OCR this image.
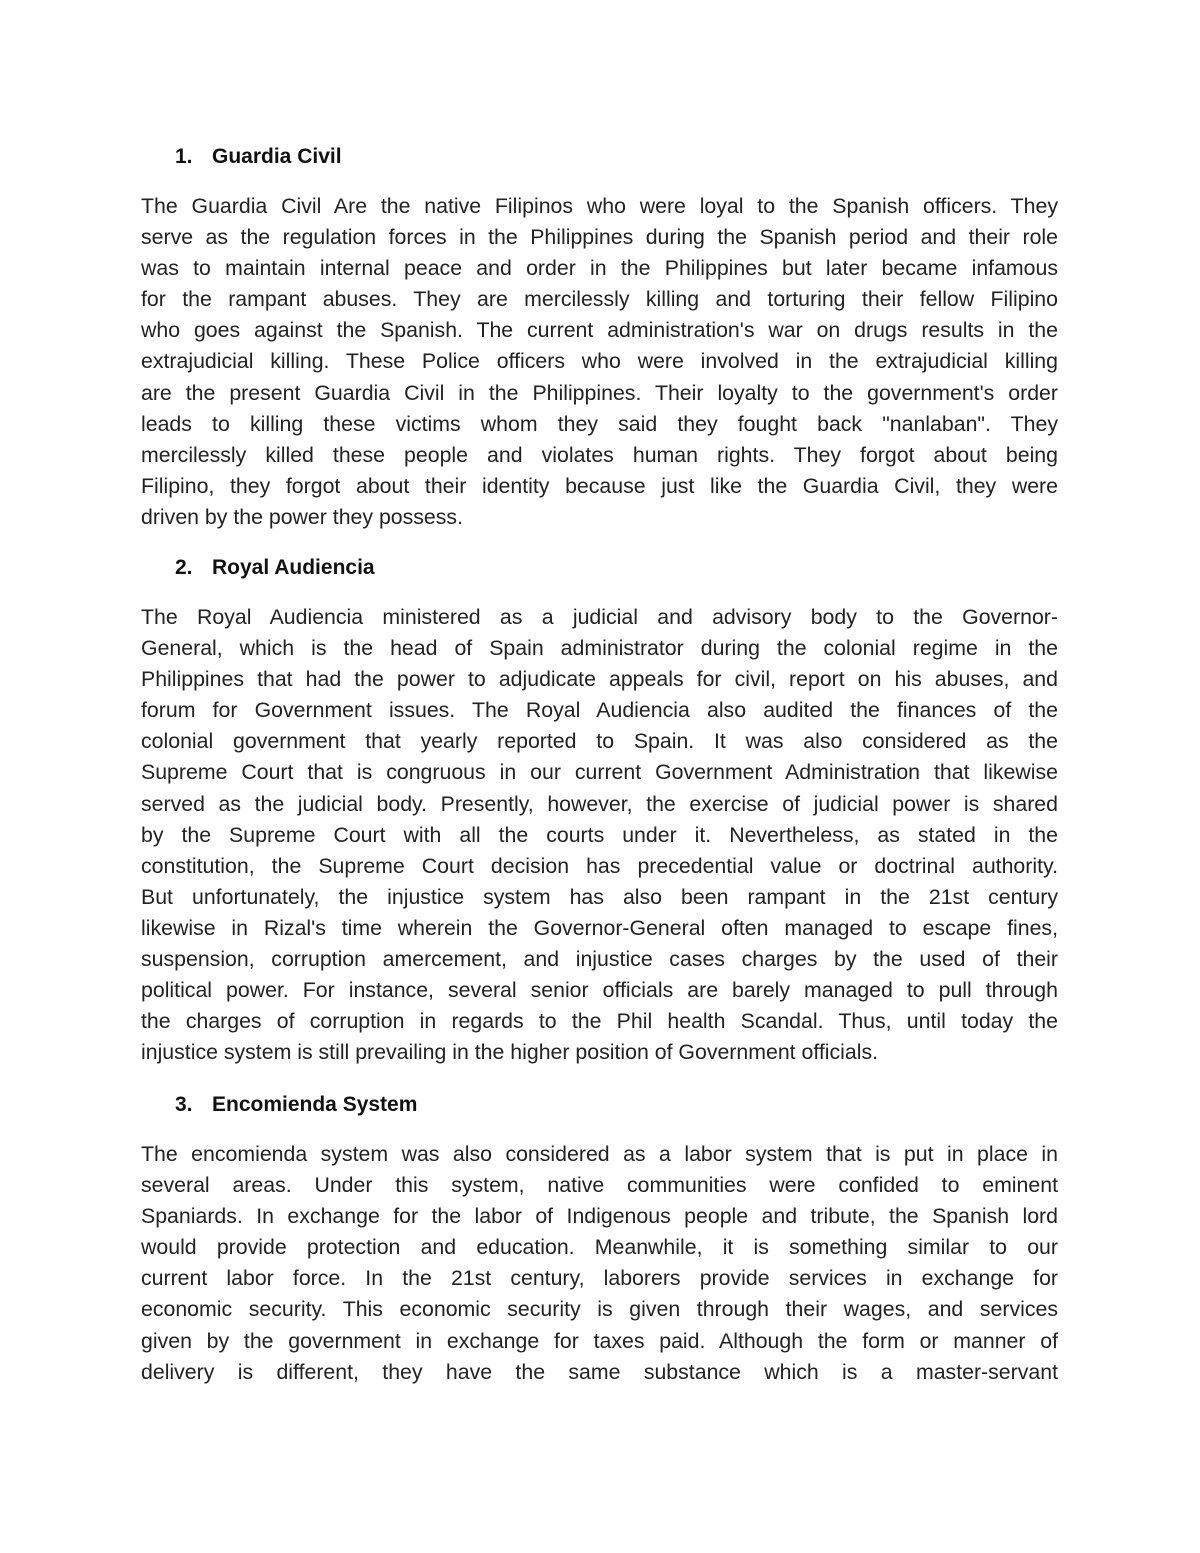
1. Guardia Civil
The Guardia Civil Are the native Filipinos who were loyal to the Spanish officers. They
serve as the regulation forces in the Philippines during the Spanish period and their role
was to maintain internal peace and order in the Philippines but later became infamous
for the rampant abuses. They are mercilessly killing and torturing their fellow Filipino
who goes against the Spanish. The current administration's war on drugs results in the
extrajudicial killing. These Police officers who were involved in the extrajudicial killing
are the present Guardia Civil in the Philippines. Their loyalty to the government's order
leads to killing these victims whom they said they fought back "nanlaban". They
mercilessly killed these people and violates human rights. They forgot about being
Filipino, they forgot about their identity because just like the Guardia Civil, they were
driven by the power they possess.
2. Royal Audiencia
The Royal Audiencia ministered as a judicial and advisory body to the Governor-
General, which is the head of Spain administrator during the colonial regime in the
Philippines that had the power to adjudicate appeals for civil, report on his abuses, and
forum for Government issues. The Royal Audiencia also audited the finances of the
colonial government that yearly reported to Spain. It was also considered as the
Supreme Court that is congruous in our current Government Administration that likewise
served as the judicial body. Presently, however, the exercise of judicial power is shared
by the Supreme Court with all the courts under it. Nevertheless, as stated in the
constitution, the Supreme Court decision has precedential value or doctrinal authority.
But unfortunately, the injustice system has also been rampant in the 21st century
likewise in Rizal's time wherein the Governor-General often managed to escape fines,
suspension, corruption amercement, and injustice cases charges by the used of their
political power. For instance, several senior officials are barely managed to pull through
the charges of corruption in regards to the Phil health Scandal. Thus, until today the
injustice system is still prevailing in the higher position of Government officials.
3. Encomienda System
The encomienda system was also considered as a labor system that is put in place in
several areas. Under this system, native communities were confided to eminent
Spaniards. In exchange for the labor of Indigenous people and tribute, the Spanish lord
would provide protection and education. Meanwhile, it is something similar to our
current labor force. In the 21st century, laborers provide services in exchange for
economic security. This economic security is given through their wages, and services
given by the government in exchange for taxes paid. Although the form or manner of
delivery is different, they have the same substance which is a master-servant
